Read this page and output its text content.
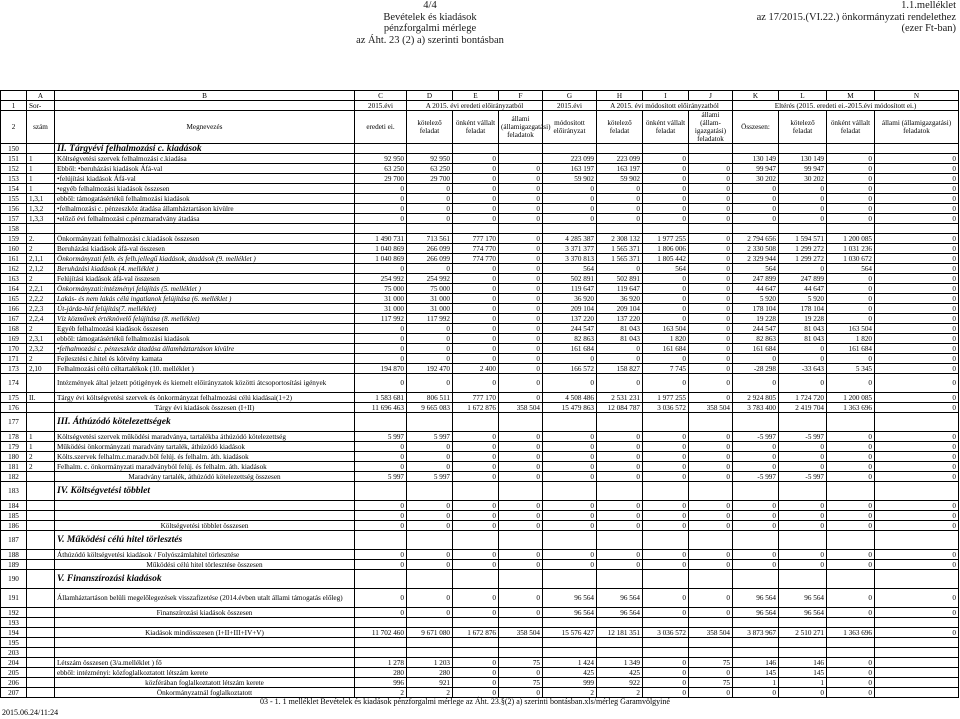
4/4
Bevételek és kiadások
pénzforgalmi mérlege
az Áht. 23 (2) a) szerinti bontásban
1.1.melléklet
az 17/2015.(VI.22.) önkormányzati rendelethez
(ezer Ft-ban)
	A	B	C	D	E	F	G	H	I	J	K	L	M	N
1	Sor-		2015.évi	A 2015. évi eredeti előirányzatból			2015.évi	A 2015. évi módosított előirányzatból			Eltérés (2015. eredeti ei.-2015.évi módosított ei.)			
2	szám	Megnevezés	eredeti ei.	kötelező feladat	önként vállalt feladat	állami (államigazgatási) feladatok	módosított előirányzat	kötelező feladat	önként vállalt feladat	állami (állam-igazgatási) feladatok	Összesen:	kötelező feladat	önként vállalt feladat	állami (államigazgatási) feladatok
150		II. Tárgyévi felhalmozási c. kiadások												
151	1	Költségvetési szervek felhalmozási c.kiadása	92 950	92 950	0		223 099	223 099	0		130 149	130 149	0	0
152	1	Ebből: •beruházási kiadások Áfá-val	63 250	63 250	0	0	163 197	163 197	0	0	99 947	99 947	0	0
153	1	•felújítási kiadások Áfá-val	29 700	29 700	0	0	59 902	59 902	0	0	30 202	30 202	0	0
154	1	•egyéb felhalmozási kiadások összesen	0	0	0	0	0	0	0	0	0	0	0	0
155	1,3,1	ebből: támogatásértékű felhalmozási kiadások	0	0	0	0	0	0	0	0	0	0	0	0
156	1,3,2	•felhalmozási c. pénzeszköz átadása államháztartáson kívülre	0	0	0	0	0	0	0	0	0	0	0	0
157	1,3,3	•előző évi felhalmozási c.pénzmaradvány átadása	0	0	0	0	0	0	0	0	0	0	0	0
158														
159	2.	Önkormányzati felhalmozási c.kiadások összesen	1 490 731	713 561	777 170	0	4 285 387	2 308 132	1 977 255	0	2 794 656	1 594 571	1 200 085	0
160	2	Beruházási kiadások áfá-val összesen	1 040 869	266 099	774 770	0	3 371 377	1 565 371	1 806 006	0	2 330 508	1 299 272	1 031 236	0
161	2,1,1	Önkormányzati felh. és felh.jellegű kiadások, átadások (9. melléklet )	1 040 869	266 099	774 770	0	3 370 813	1 565 371	1 805 442	0	2 329 944	1 299 272	1 030 672	0
162	2,1,2	Beruházási kiadások (4. melléklet )	0	0	0	0	564	0	564	0	564	0	564	0
163	2	Felújítási kiadások áfá-val összesen	254 992	254 992	0	0	502 891	502 891	0	0	247 899	247 899	0	0
164	2,2,1	Önkormányzati:intézményi felújítás (5. melléklet )	75 000	75 000	0	0	119 647	119 647	0	0	44 647	44 647	0	0
165	2,2,2	Lakás- és nem lakás célú ingatlanok felújítása (6. melléklet )	31 000	31 000	0	0	36 920	36 920	0	0	5 920	5 920	0	0
166	2,2,3	Út-járda-híd felújítás(7. melléklet)	31 000	31 000	0	0	209 104	209 104	0	0	178 104	178 104	0	0
167	2,2,4	Víz közművek értéknövelő felújítása (8. melléklet)	117 992	117 992	0	0	137 220	137 220	0	0	19 228	19 228	0	0
168	2	Egyéb felhalmozási kiadások összesen	0	0	0	0	244 547	81 043	163 504	0	244 547	81 043	163 504	0
169	2,3,1	ebből: támogatásértékű felhalmozási kiadások	0	0	0	0	82 863	81 043	1 820	0	82 863	81 043	1 820	0
170	2,3,2	•felhalmozási c. pénzeszköz átadása államháztartáson kívülre	0	0	0	0	161 684	0	161 684	0	161 684	0	161 684	0
171	2	Fejlesztési c.hitel és kötvény kamata	0	0	0	0	0	0	0	0	0	0	0	0
173	2,10	Felhalmozási célú céltartalékok (10. melléklet )	194 870	192 470	2 400	0	166 572	158 827	7 745	0	-28 298	-33 643	5 345	0
174		Intézmények által jelzett pótigények és kiemelt előirányzatok közötti átcsoportosítási igények	0	0	0	0	0	0	0	0	0	0	0	0
175	II.	Tárgy évi költségvetési szervek és önkormányzat felhalmozási célú kiadásai(1+2)	1 583 681	806 511	777 170	0	4 508 486	2 531 231	1 977 255	0	2 924 805	1 724 720	1 200 085	0
176		Tárgy évi kiadások összesen (I+II)	11 696 463	9 665 083	1 672 876	358 504	15 479 863	12 084 787	3 036 572	358 504	3 783 400	2 419 704	1 363 696	0
177		III. Áthúzódó kötelezettségek												
178	1	Költségvetési szervek működési maradványa, tartalékba áthúzódó kötelezettség	5 997	5 997	0	0	0	0	0	0	-5 997	-5 997	0	0
179	1	Működési önkormányzati maradvány tartalék, áthúzódó kiadások	0	0	0	0	0	0	0	0	0	0	0	0
180	2	Költs.szervek felhalm.c.maradv.ből felúj. és felhalm. áth. kiadások	0	0	0	0	0	0	0	0	0	0	0	0
181	2	Felhalm. c. önkormányzati maradványból felúj. és felhalm. áth. kiadások	0	0	0	0	0	0	0	0	0	0	0	0
182		Maradvány tartalék, áthúzódó kötelezettség összesen	5 997	5 997	0	0	0	0	0	0	-5 997	-5 997	0	0
183		IV. Költségvetési többlet												
184			0	0	0	0	0	0	0	0	0	0	0	0
185			0	0	0	0	0	0	0	0	0	0	0	0
186		Költségvetési többlet összesen	0	0	0	0	0	0	0	0	0	0	0	0
187		V. Működési célú hitel törlesztés												
188		Áthúzódó költségvetési kiadások / Folyószámlahitel törlesztése	0	0	0	0	0	0	0	0	0	0	0	0
189		Működési célú hitel törlesztése összesen	0	0	0	0	0	0	0	0	0	0	0	0
190		V. Finanszírozási kiadások												
191		Államháztartáson belüli megelőlegezések visszafizetése (2014.évben utalt állami támogatás előleg)	0	0	0	0	96 564	96 564	0	0	96 564	96 564	0	0
192		Finanszírozási kiadások összesen	0	0	0	0	96 564	96 564	0	0	96 564	96 564	0	0
193														
194		Kiadások mindösszesen (I+II+III+IV+V)	11 702 460	9 671 080	1 672 876	358 504	15 576 427	12 181 351	3 036 572	358 504	3 873 967	2 510 271	1 363 696	0
195														
203														
204		Létszám összesen (3/a.melléklet ) fő	1 278	1 203	0	75	1 424	1 349	0	75	146	146	0	
205		ebből: intézményi: közfoglalkoztatott létszám kerete	280	280	0	0	425	425	0	0	145	145	0	
206		közférában foglalkoztatott létszám kerete	996	921	0	75	999	922	0	75	1	1	0	
207		Önkormányzatnál foglalkoztatott	2	2	0	0	2	2	0	0	0	0	0	
03 - 1. 1 melléklet Bevételek és kiadások pénzforgalmi mérlege az Áht. 23.§(2) a) szerinti bontásban.xls/mérleg Garamvölgyiné
2015.06.24/11:24
